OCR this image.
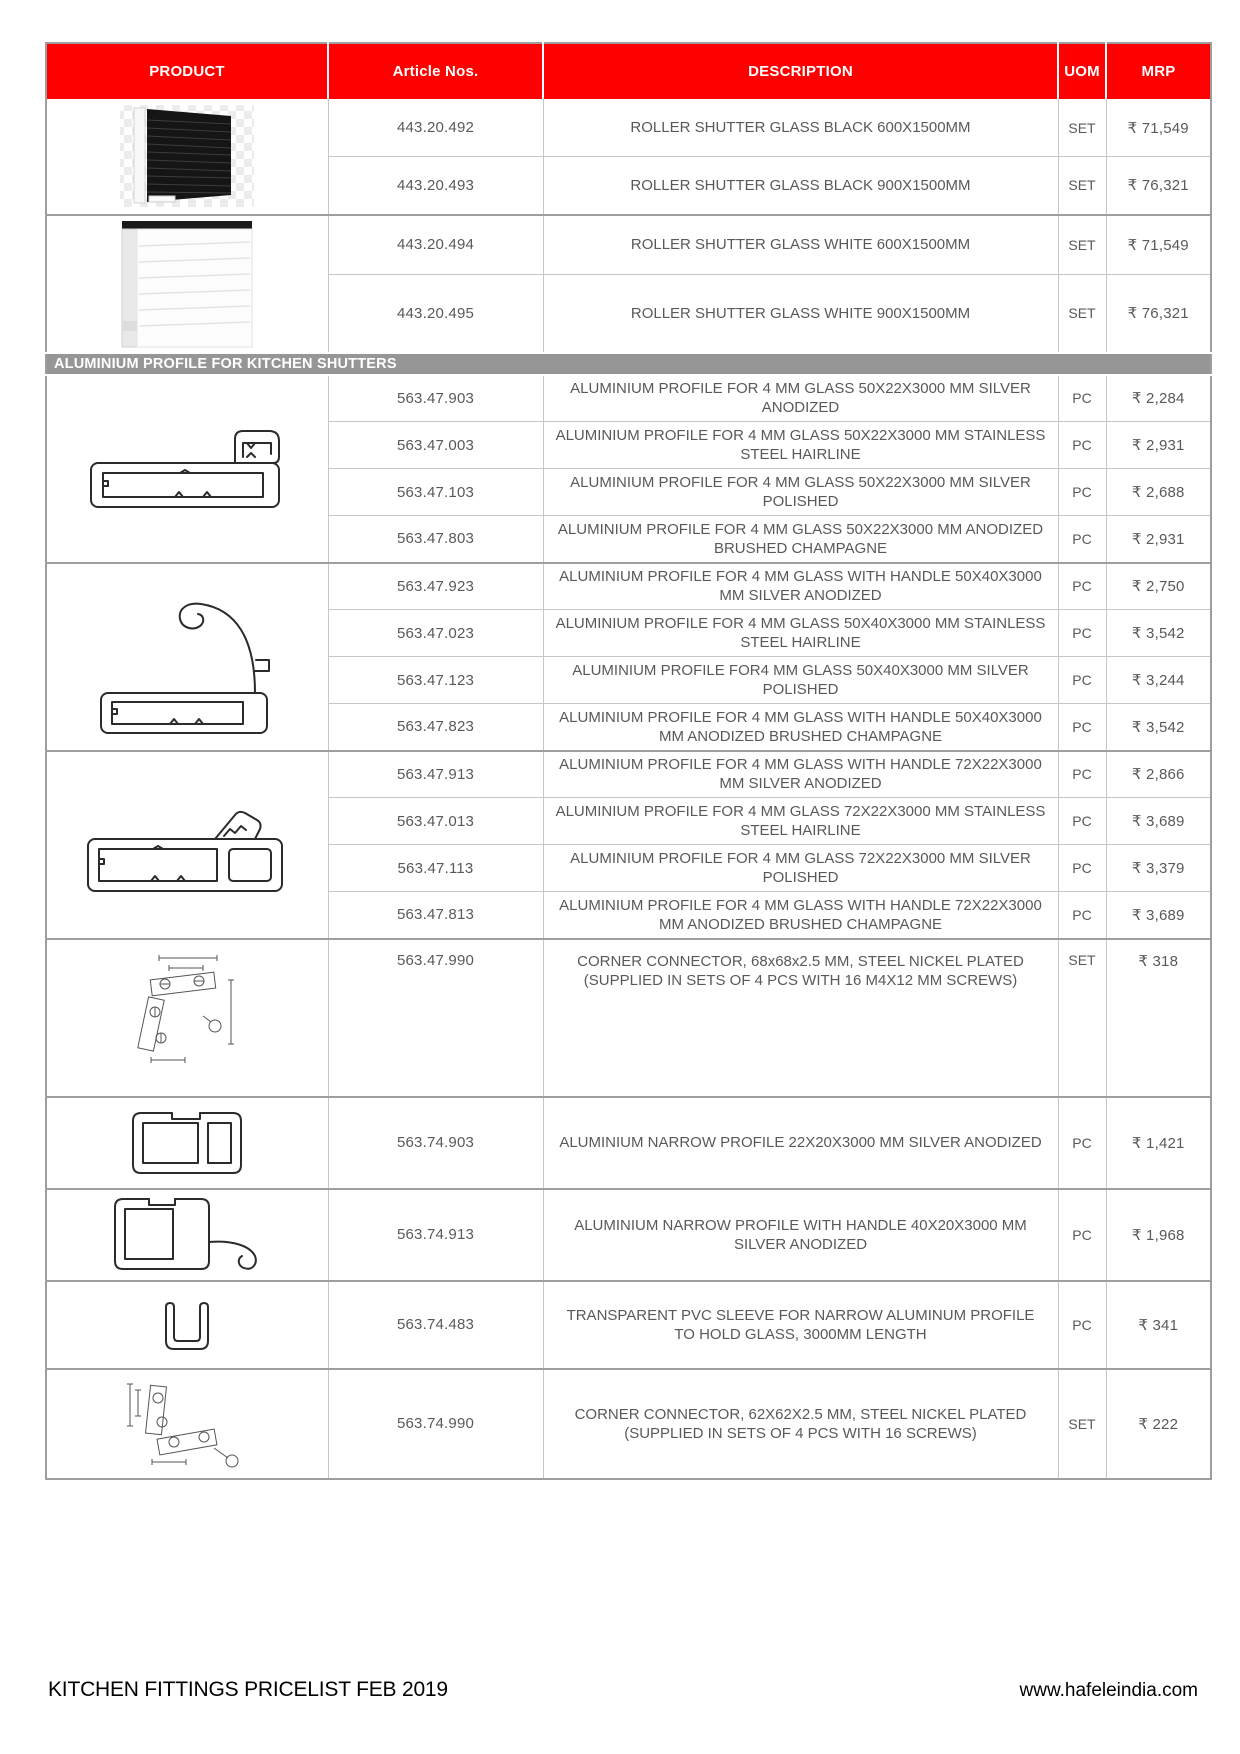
PRODUCT	Article Nos.	DESCRIPTION	UOM	MRP

	443.20.492	ROLLER SHUTTER GLASS BLACK 600X1500MM	SET	₹ 71,549
	443.20.493	ROLLER SHUTTER GLASS BLACK 900X1500MM	SET	₹ 76,321

	443.20.494	ROLLER SHUTTER GLASS WHITE 600X1500MM	SET	₹ 71,549
	443.20.495	ROLLER SHUTTER GLASS WHITE 900X1500MM	SET	₹ 76,321
ALUMINIUM PROFILE FOR KITCHEN SHUTTERS				

	563.47.903	ALUMINIUM PROFILE FOR 4 MM GLASS 50X22X3000 MM SILVER ANODIZED	PC	₹ 2,284
	563.47.003	ALUMINIUM PROFILE FOR 4 MM GLASS 50X22X3000 MM STAINLESS STEEL HAIRLINE	PC	₹ 2,931
	563.47.103	ALUMINIUM PROFILE FOR 4 MM GLASS 50X22X3000 MM SILVER POLISHED	PC	₹ 2,688
	563.47.803	ALUMINIUM PROFILE FOR 4 MM GLASS 50X22X3000 MM ANODIZED BRUSHED CHAMPAGNE	PC	₹ 2,931

	563.47.923	ALUMINIUM PROFILE FOR 4 MM GLASS WITH HANDLE 50X40X3000 MM SILVER ANODIZED	PC	₹ 2,750
	563.47.023	ALUMINIUM PROFILE FOR 4 MM GLASS 50X40X3000 MM STAINLESS STEEL HAIRLINE	PC	₹ 3,542
	563.47.123	ALUMINIUM PROFILE FOR4 MM GLASS 50X40X3000 MM SILVER POLISHED	PC	₹ 3,244
	563.47.823	ALUMINIUM PROFILE FOR 4 MM GLASS WITH HANDLE 50X40X3000 MM ANODIZED BRUSHED CHAMPAGNE	PC	₹ 3,542

	563.47.913	ALUMINIUM PROFILE FOR 4 MM GLASS WITH HANDLE 72X22X3000 MM SILVER ANODIZED	PC	₹ 2,866
	563.47.013	ALUMINIUM PROFILE FOR 4 MM GLASS 72X22X3000 MM STAINLESS STEEL HAIRLINE	PC	₹ 3,689
	563.47.113	ALUMINIUM PROFILE FOR 4 MM GLASS 72X22X3000 MM SILVER POLISHED	PC	₹ 3,379
	563.47.813	ALUMINIUM PROFILE FOR 4 MM GLASS WITH HANDLE 72X22X3000 MM ANODIZED BRUSHED CHAMPAGNE	PC	₹ 3,689

	563.47.990	CORNER CONNECTOR, 68x68x2.5 MM, STEEL NICKEL PLATED (SUPPLIED IN SETS OF 4 PCS WITH 16 M4X12 MM SCREWS)	SET	₹ 318

	563.74.903	ALUMINIUM NARROW PROFILE 22X20X3000 MM SILVER ANODIZED	PC	₹ 1,421

	563.74.913	ALUMINIUM NARROW PROFILE WITH HANDLE 40X20X3000 MM SILVER ANODIZED	PC	₹ 1,968

	563.74.483	TRANSPARENT PVC SLEEVE FOR NARROW ALUMINUM PROFILE TO HOLD GLASS, 3000MM LENGTH	PC	₹ 341

	563.74.990	CORNER CONNECTOR, 62X62X2.5 MM, STEEL NICKEL PLATED (SUPPLIED IN SETS OF 4 PCS WITH 16 SCREWS)	SET	₹ 222
KITCHEN FITTINGS PRICELIST FEB 2019	www.hafeleindia.com
